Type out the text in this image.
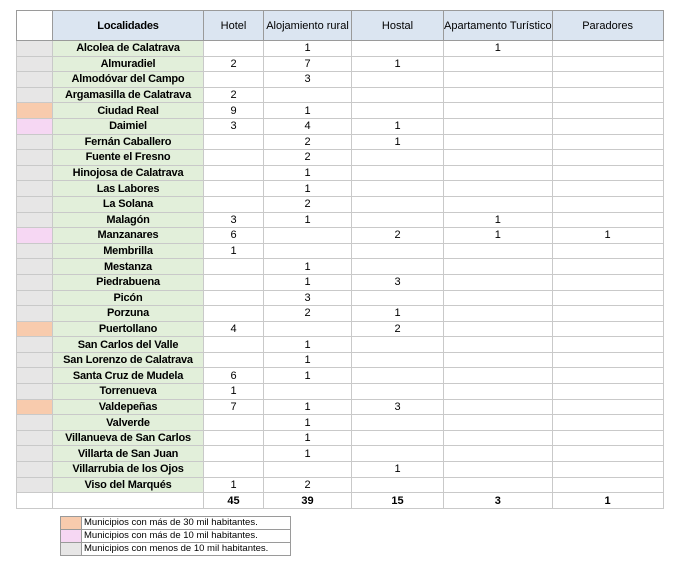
	Localidades	Hotel	Alojamiento rural	Hostal	Apartamento Turístico	Paradores
	Alcolea de Calatrava		1		1	
	Almuradiel	2	7	1		
	Almodóvar del Campo		3			
	Argamasilla de Calatrava	2				
	Ciudad Real	9	1			
	Daimiel	3	4	1		
	Fernán Caballero		2	1		
	Fuente el Fresno		2			
	Hinojosa de Calatrava		1			
	Las Labores		1			
	La Solana		2			
	Malagón	3	1		1	
	Manzanares	6		2	1	1
	Membrilla	1				
	Mestanza		1			
	Piedrabuena		1	3		
	Picón		3			
	Porzuna		2	1		
	Puertollano	4		2		
	San Carlos del Valle		1			
	San Lorenzo de Calatrava		1			
	Santa Cruz de Mudela	6	1			
	Torrenueva	1				
	Valdepeñas	7	1	3		
	Valverde		1			
	Villanueva de San Carlos		1			
	Villarta de San Juan		1			
	Villarrubia de los Ojos			1		
	Viso del Marqués	1	2			
		45	39	15	3	1
	Municipios con más de 30 mil habitantes.
	Municipios con más de 10 mil habitantes.
	Municipios con menos de 10 mil habitantes.
